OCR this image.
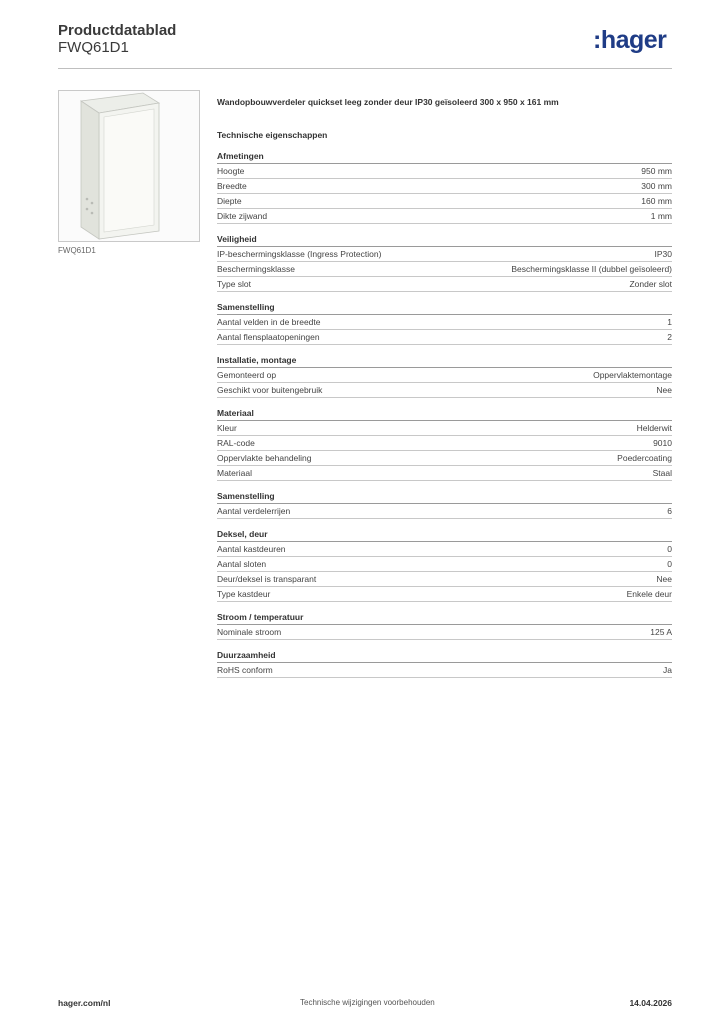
Productdatablad
FWQ61D1	:hager
FWQ61D1
Wandopbouwverdeler quickset leeg zonder deur IP30 geïsoleerd 300 x 950 x 161 mm
Technische eigenschappen
Afmetingen
Hoogte	950 mm
Breedte	300 mm
Diepte	160 mm
Dikte zijwand	1 mm
Veiligheid
IP-beschermingsklasse (Ingress Protection)	IP30
Beschermingsklasse	Beschermingsklasse II (dubbel geïsoleerd)
Type slot	Zonder slot
Samenstelling
Aantal velden in de breedte	1
Aantal flensplaatopeningen	2
Installatie, montage
Gemonteerd op	Oppervlaktemontage
Geschikt voor buitengebruik	Nee
Materiaal
Kleur	Helderwit
RAL-code	9010
Oppervlakte behandeling	Poedercoating
Materiaal	Staal
Samenstelling
Aantal verdelerrijen	6
Deksel, deur
Aantal kastdeuren	0
Aantal sloten	0
Deur/deksel is transparant	Nee
Type kastdeur	Enkele deur
Stroom / temperatuur
Nominale stroom	125 A
Duurzaamheid
RoHS conform	Ja
hager.com/nl	Technische wijzigingen voorbehouden	14.04.2026
